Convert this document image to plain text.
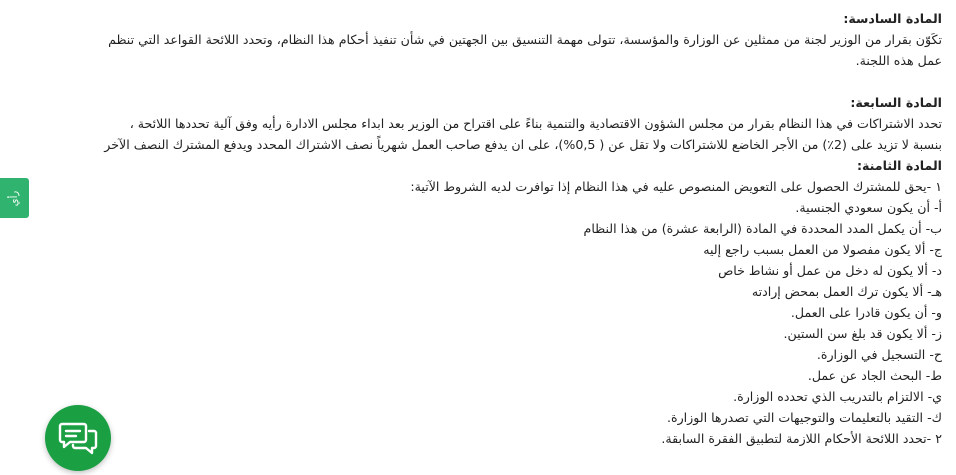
رأي
المادة السادسة:
تكَوّن بقرار من الوزير لجنة من ممثلين عن الوزارة والمؤسسة، تتولى مهمة التنسيق بين الجهتين في شأن تنفيذ أحكام هذا النظام، وتحدد اللائحة القواعد التي تنظم
عمل هذه اللجنة.
المادة السابعة:
تحدد الاشتراكات في هذا النظام بقرار من مجلس الشؤون الاقتصادية والتنمية بناءً على اقتراح من الوزير بعد ابداء مجلس الادارة رأيه وفق آلية تحددها اللائحة ،
بنسبة لا تزيد على (2٪) من الأجر الخاضع للاشتراكات ولا تقل عن ( 0,5%)، على ان يدفع صاحب العمل شهرياً نصف الاشتراك المحدد ويدفع المشترك النصف الآخر
المادة الثامنة:
١ -يحق للمشترك الحصول على التعويض المنصوص عليه في هذا النظام إذا توافرت لديه الشروط الآتية:
أ- أن يكون سعودي الجنسية.
ب- أن يكمل المدد المحددة في المادة (الرابعة عشرة) من هذا النظام
ج- ألا يكون مفصولا من العمل بسبب راجع إليه
د- ألا يكون له دخل من عمل أو نشاط خاص
هـ- ألا يكون ترك العمل بمحض إرادته
و- أن يكون قادرا على العمل.
ز- ألا يكون قد بلغ سن الستين.
ح- التسجيل في الوزارة.
ط- البحث الجاد عن عمل.
ي- الالتزام بالتدريب الذي تحدده الوزارة.
ك- التقيد بالتعليمات والتوجيهات التي تصدرها الوزارة.
٢ -تحدد اللائحة الأحكام اللازمة لتطبيق الفقرة السابقة.
